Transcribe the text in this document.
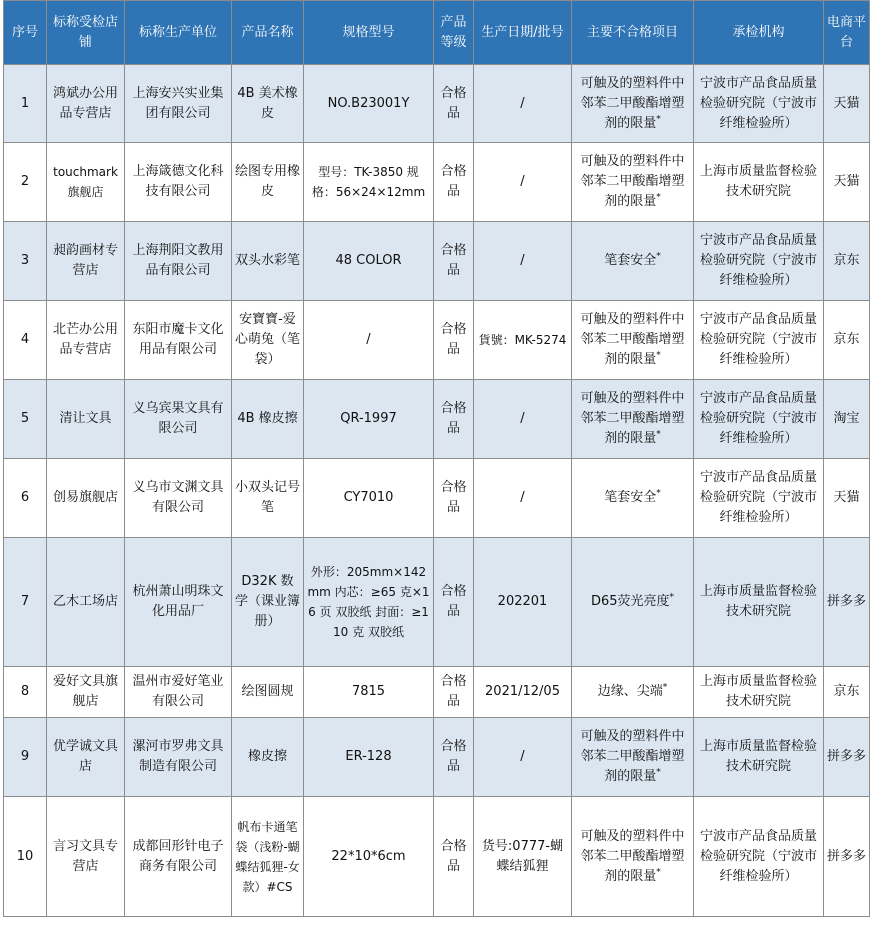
序号	标称受检店铺	标称生产单位	产品名称	规格型号	产品等级	生产日期/批号	主要不合格项目	承检机构	电商平台
1	鸿斌办公用品专营店	上海安兴实业集团有限公司	4B 美术橡皮	NO.B23001Y	合格品	/	可触及的塑料件中邻苯二甲酸酯增塑剂的限量*	宁波市产品食品质量检验研究院（宁波市纤维检验所）	天猫
2	touchmark 旗舰店	上海箴德文化科技有限公司	绘图专用橡皮	型号：TK-3850 规格：56×24×12mm	合格品	/	可触及的塑料件中邻苯二甲酸酯增塑剂的限量*	上海市质量监督检验技术研究院	天猫
3	昶韵画材专营店	上海荆阳文教用品有限公司	双头水彩笔	48 COLOR	合格品	/	笔套安全*	宁波市产品食品质量检验研究院（宁波市纤维检验所）	京东
4	北芒办公用品专营店	东阳市魔卡文化用品有限公司	安寶寶-爱心萌兔（笔袋）	/	合格品	貨號：MK-5274	可触及的塑料件中邻苯二甲酸酯增塑剂的限量*	宁波市产品食品质量检验研究院（宁波市纤维检验所）	京东
5	清让文具	义乌宾果文具有限公司	4B 橡皮擦	QR-1997	合格品	/	可触及的塑料件中邻苯二甲酸酯增塑剂的限量*	宁波市产品食品质量检验研究院（宁波市纤维检验所）	淘宝
6	创易旗舰店	义乌市文渊文具有限公司	小双头记号笔	CY7010	合格品	/	笔套安全*	宁波市产品食品质量检验研究院（宁波市纤维检验所）	天猫
7	乙木工场店	杭州萧山明珠文化用品厂	D32K 数学（课业簿册）	外形：205mm×142mm 内芯：≥65 克×16 页 双胶纸 封面：≥110 克 双胶纸	合格品	202201	D65荧光亮度*	上海市质量监督检验技术研究院	拼多多
8	爱好文具旗舰店	温州市爱好笔业有限公司	绘图圆规	7815	合格品	2021/12/05	边缘、尖端*	上海市质量监督检验技术研究院	京东
9	优学诚文具店	漯河市罗弗文具制造有限公司	橡皮擦	ER-128	合格品	/	可触及的塑料件中邻苯二甲酸酯增塑剂的限量*	上海市质量监督检验技术研究院	拼多多
10	言习文具专营店	成都回形针电子商务有限公司	帆布卡通笔袋（浅粉-蝴蝶结狐狸-女款）#CS	22*10*6cm	合格品	货号:0777-蝴蝶结狐狸	可触及的塑料件中邻苯二甲酸酯增塑剂的限量*	宁波市产品食品质量检验研究院（宁波市纤维检验所）	拼多多
